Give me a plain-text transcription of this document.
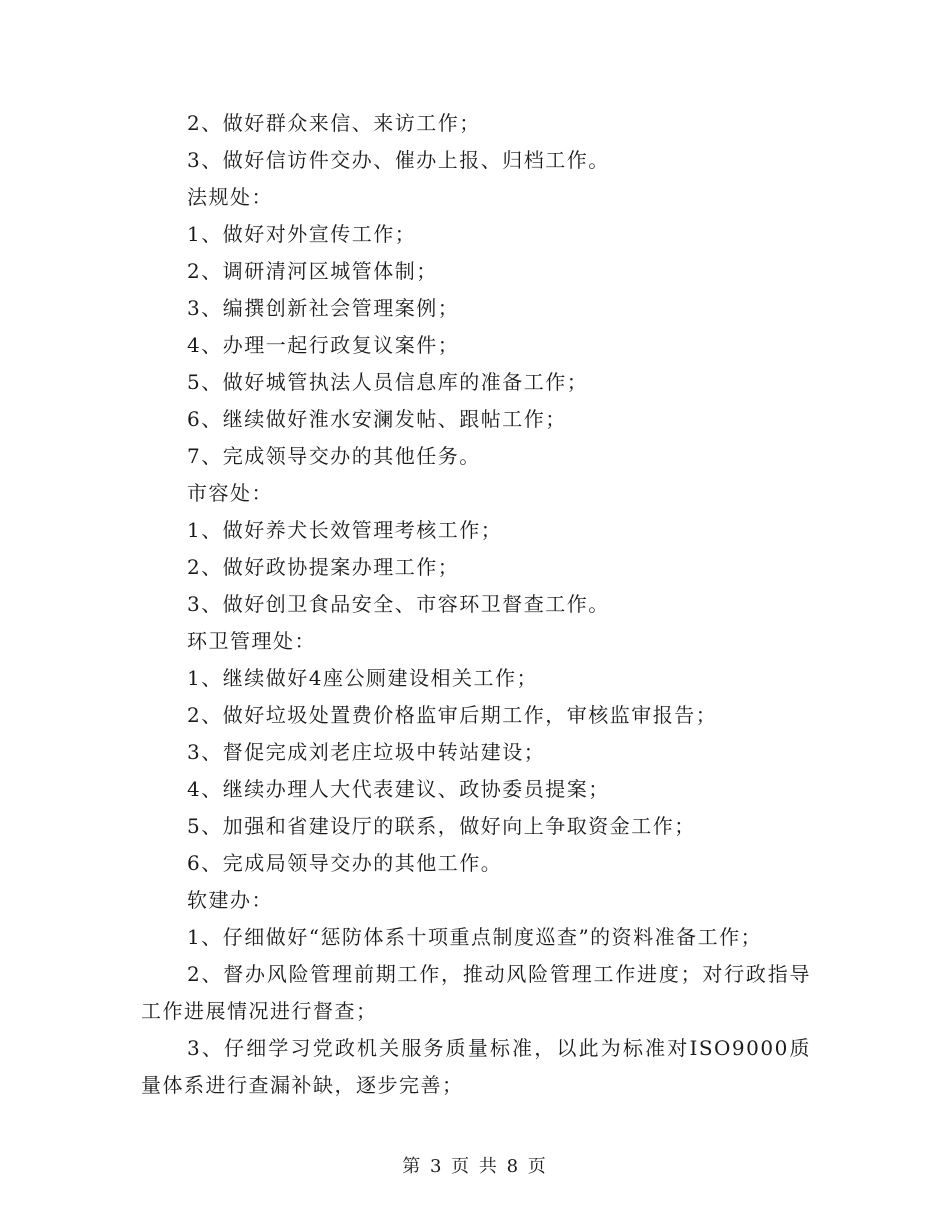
2、做好群众来信、来访工作；
3、做好信访件交办、催办上报、归档工作。
法规处：
1、做好对外宣传工作；
2、调研清河区城管体制；
3、编撰创新社会管理案例；
4、办理一起行政复议案件；
5、做好城管执法人员信息库的准备工作；
6、继续做好淮水安澜发帖、跟帖工作；
7、完成领导交办的其他任务。
市容处：
1、做好养犬长效管理考核工作；
2、做好政协提案办理工作；
3、做好创卫食品安全、市容环卫督查工作。
环卫管理处：
1、继续做好4座公厕建设相关工作；
2、做好垃圾处置费价格监审后期工作，审核监审报告；
3、督促完成刘老庄垃圾中转站建设；
4、继续办理人大代表建议、政协委员提案；
5、加强和省建设厅的联系，做好向上争取资金工作；
6、完成局领导交办的其他工作。
软建办：
1、仔细做好“惩防体系十项重点制度巡查”的资料准备工作；
2、督办风险管理前期工作，推动风险管理工作进度；对行政指导工作进展情况进行督查；
3、仔细学习党政机关服务质量标准，以此为标准对ISO9000质量体系进行查漏补缺，逐步完善；
第 3 页 共 8 页
